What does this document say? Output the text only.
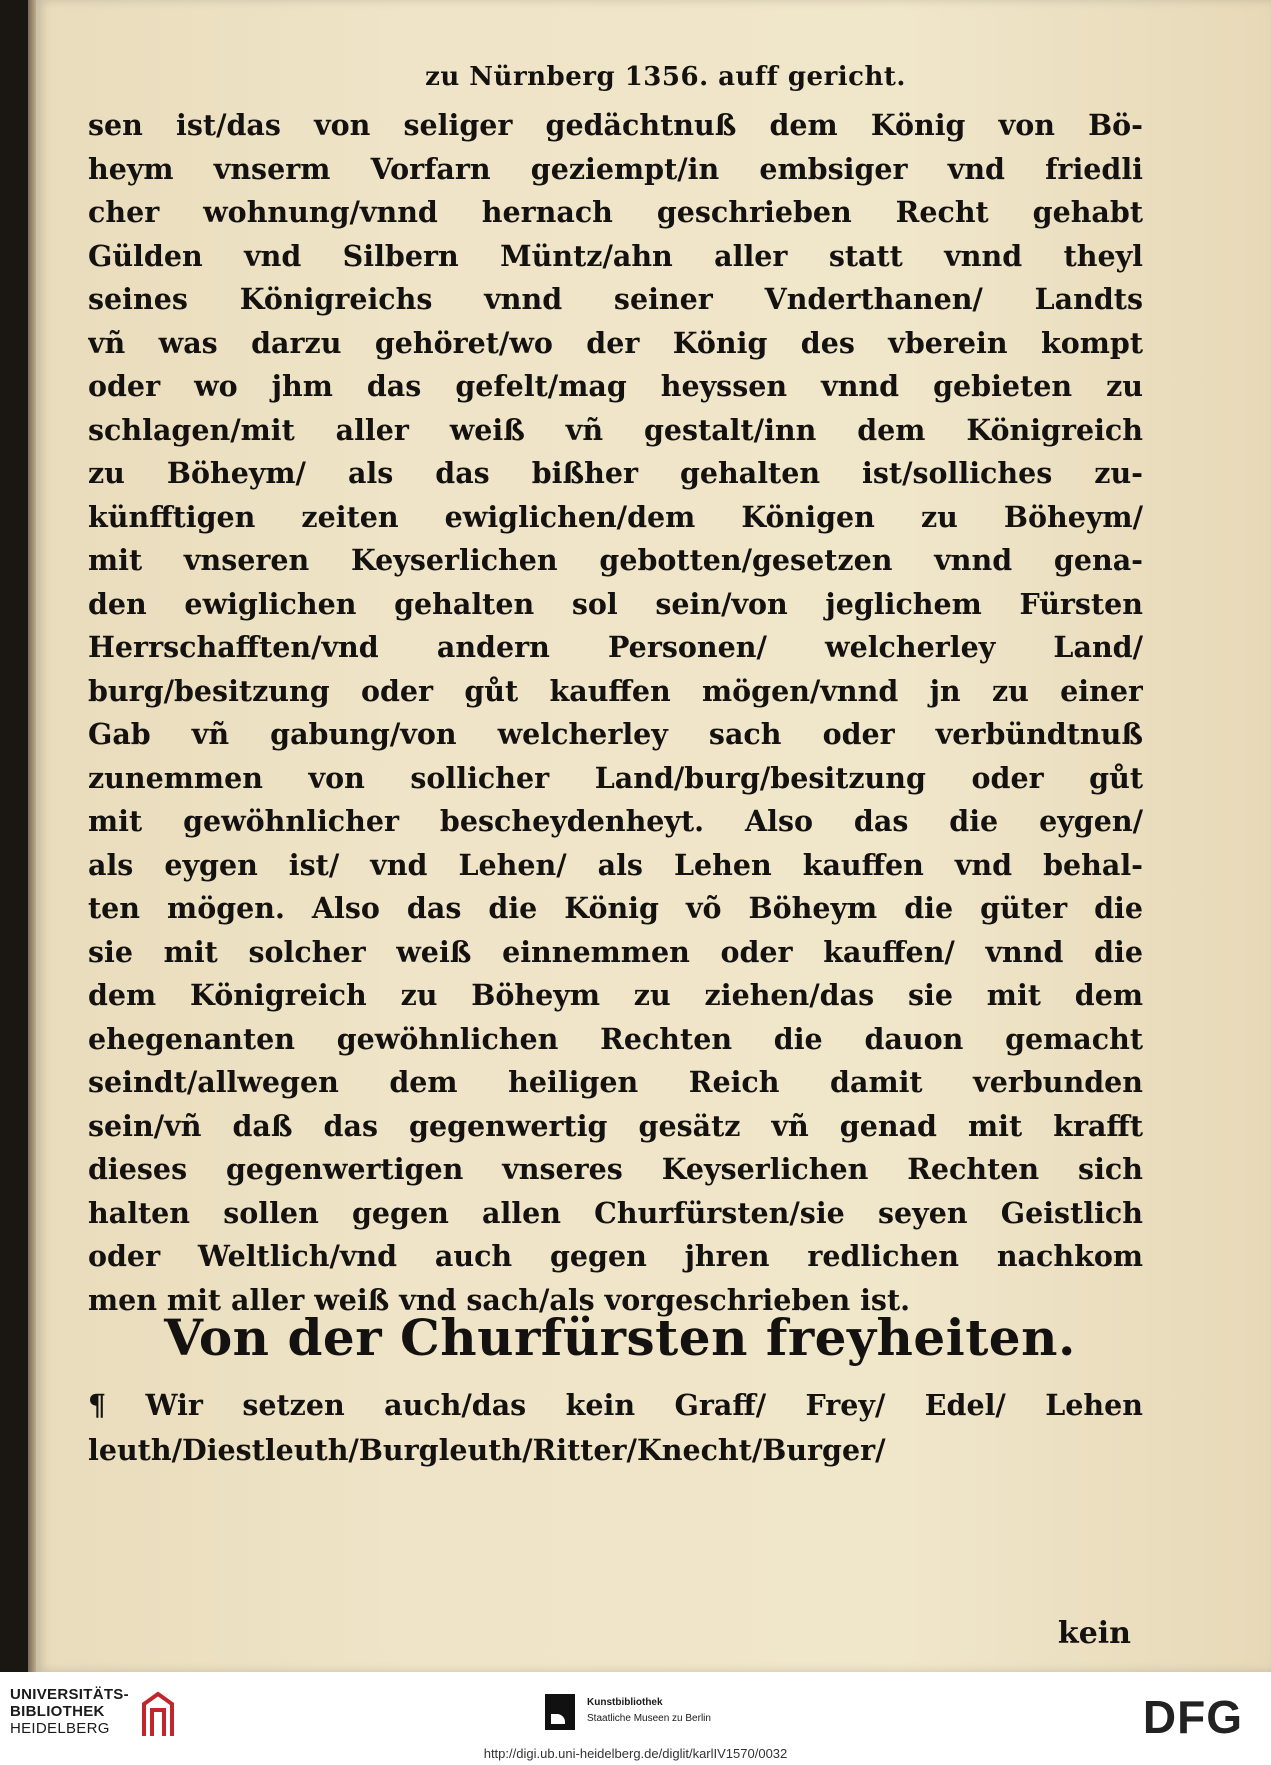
zu Nürnberg 1356. auff gericht.
sen ist/das von seliger gedächtnuß dem König von Bö-
heym vnserm Vorfarn geziempt/in embsiger vnd friedli
cher wohnung/vnnd hernach geschrieben Recht gehabt
Gülden vnd Silbern Müntz/ahn aller statt vnnd theyl
seines Königreichs vnnd seiner Vnderthanen/ Landts
vñ was darzu gehöret/wo der König des vberein kompt
oder wo jhm das gefelt/mag heyssen vnnd gebieten zu
schlagen/mit aller weiß vñ gestalt/inn dem Königreich
zu Böheym/ als das bißher gehalten ist/solliches zu-
künfftigen zeiten ewiglichen/dem Königen zu Böheym/
mit vnseren Keyserlichen gebotten/gesetzen vnnd gena-
den ewiglichen gehalten sol sein/von jeglichem Fürsten
Herrschafften/vnd andern Personen/ welcherley Land/
burg/besitzung oder gůt kauffen mögen/vnnd jn zu einer
Gab vñ gabung/von welcherley sach oder verbündtnuß
zunemmen von sollicher Land/burg/besitzung oder gůt
mit gewöhnlicher bescheydenheyt. Also das die eygen/
als eygen ist/ vnd Lehen/ als Lehen kauffen vnd behal-
ten mögen. Also das die König võ Böheym die güter die
sie mit solcher weiß einnemmen oder kauffen/ vnnd die
dem Königreich zu Böheym zu ziehen/das sie mit dem
ehegenanten gewöhnlichen Rechten die dauon gemacht
seindt/allwegen dem heiligen Reich damit verbunden
sein/vñ daß das gegenwertig gesätz vñ genad mit krafft
dieses gegenwertigen vnseres Keyserlichen Rechten sich
halten sollen gegen allen Churfürsten/sie seyen Geistlich
oder Weltlich/vnd auch gegen jhren redlichen nachkom
men mit aller weiß vnd sach/als vorgeschrieben ist.
Von der Churfürsten freyheiten.
¶ Wir setzen auch/das kein Graff/ Frey/ Edel/ Lehen
leuth/Diestleuth/Burgleuth/Ritter/Knecht/Burger/
kein
UNIVERSITÄTS-
BIBLIOTHEK
HEIDELBERG
Kunstbibliothek
Staatliche Museen zu Berlin	DFG
http://digi.ub.uni-heidelberg.de/diglit/karlIV1570/0032
